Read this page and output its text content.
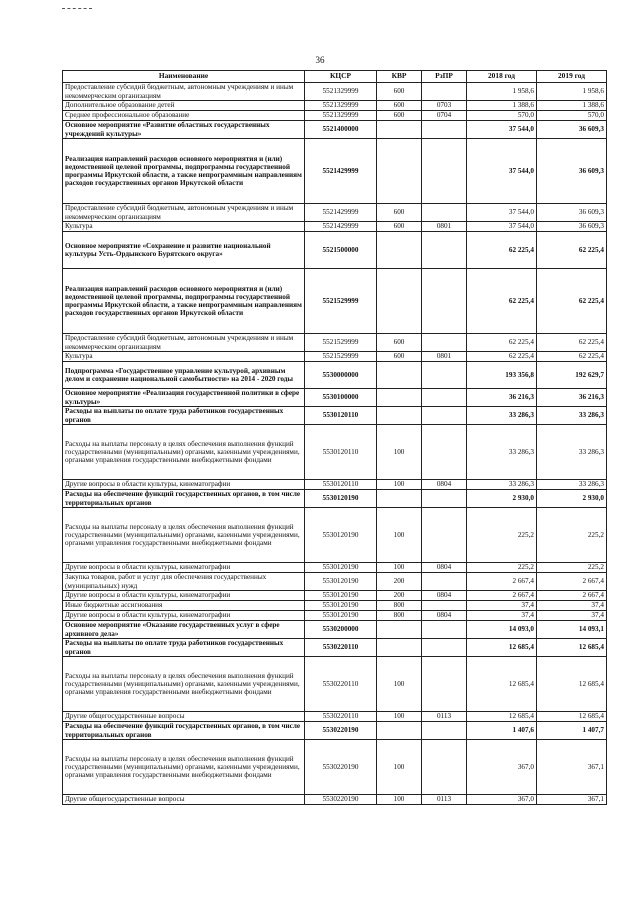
36
Наименование	КЦСР	КВР	РзПР	2018 год	2019 год
Предоставление субсидий бюджетным, автономным учреждениям и иным некоммерческим организациям	5521329999	600		1 958,6	1 958,6
Дополнительное образование детей	5521329999	600	0703	1 388,6	1 388,6
Среднее профессиональное образование	5521329999	600	0704	570,0	570,0
Основное мероприятие «Развитие областных государственных учреждений культуры»	5521400000			37 544,0	36 609,3
Реализация направлений расходов основного мероприятия и (или) ведомственной целевой программы, подпрограммы государственной программы Иркутской области, а также непрограммным направлениям расходов государственных органов Иркутской области	5521429999			37 544,0	36 609,3
Предоставление субсидий бюджетным, автономным учреждениям и иным некоммерческим организациям	5521429999	600		37 544,0	36 609,3
Культура	5521429999	600	0801	37 544,0	36 609,3
Основное мероприятие «Сохранение и развитие национальной культуры Усть-Ордынского Бурятского округа»	5521500000			62 225,4	62 225,4
Реализация направлений расходов основного мероприятия и (или) ведомственной целевой программы, подпрограммы государственной программы Иркутской области, а также непрограммным направлениям расходов государственных органов Иркутской области	5521529999			62 225,4	62 225,4
Предоставление субсидий бюджетным, автономным учреждениям и иным некоммерческим организациям	5521529999	600		62 225,4	62 225,4
Культура	5521529999	600	0801	62 225,4	62 225,4
Подпрограмма «Государственное управление культурой, архивным делом и сохранение национальной самобытности» на 2014 - 2020 годы	5530000000			193 356,8	192 629,7
Основное мероприятие «Реализация государственной политики в сфере культуры»	5530100000			36 216,3	36 216,3
Расходы на выплаты по оплате труда работников государственных органов	5530120110			33 286,3	33 286,3
Расходы на выплаты персоналу в целях обеспечения выполнения функций государственными (муниципальными) органами, казенными учреждениями, органами управления государственными внебюджетными фондами	5530120110	100		33 286,3	33 286,3
Другие вопросы в области культуры, кинематографии	5530120110	100	0804	33 286,3	33 286,3
Расходы на обеспечение функций государственных органов, в том числе территориальных органов	5530120190			2 930,0	2 930,0
Расходы на выплаты персоналу в целях обеспечения выполнения функций государственными (муниципальными) органами, казенными учреждениями, органами управления государственными внебюджетными фондами	5530120190	100		225,2	225,2
Другие вопросы в области культуры, кинематографии	5530120190	100	0804	225,2	225,2
Закупка товаров, работ и услуг для обеспечения государственных (муниципальных) нужд	5530120190	200		2 667,4	2 667,4
Другие вопросы в области культуры, кинематографии	5530120190	200	0804	2 667,4	2 667,4
Иные бюджетные ассигнования	5530120190	800		37,4	37,4
Другие вопросы в области культуры, кинематографии	5530120190	800	0804	37,4	37,4
Основное мероприятие «Оказание государственных услуг в сфере архивного дела»	5530200000			14 093,0	14 093,1
Расходы на выплаты по оплате труда работников государственных органов	5530220110			12 685,4	12 685,4
Расходы на выплаты персоналу в целях обеспечения выполнения функций государственными (муниципальными) органами, казенными учреждениями, органами управления государственными внебюджетными фондами	5530220110	100		12 685,4	12 685,4
Другие общегосударственные вопросы	5530220110	100	0113	12 685,4	12 685,4
Расходы на обеспечение функций государственных органов, в том числе территориальных органов	5530220190			1 407,6	1 407,7
Расходы на выплаты персоналу в целях обеспечения выполнения функций государственными (муниципальными) органами, казенными учреждениями, органами управления государственными внебюджетными фондами	5530220190	100		367,0	367,1
Другие общегосударственные вопросы	5530220190	100	0113	367,0	367,1
